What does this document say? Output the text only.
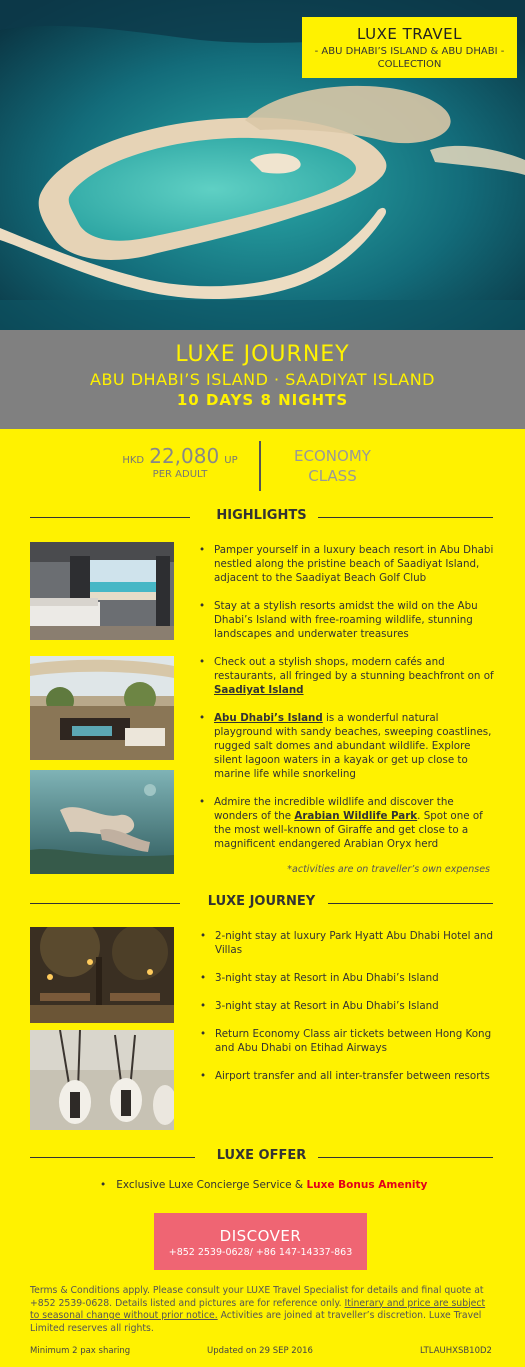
LUXE TRAVEL
- ABU DHABI’S ISLAND & ABU DHABI - COLLECTION
LUXE JOURNEY
ABU DHABI’S ISLAND · SAADIYAT ISLAND
10 DAYS 8 NIGHTS
HKD 22,080 UP
PER ADULT
ECONOMY
CLASS
HIGHLIGHTS
• Pamper yourself in a luxury beach resort in Abu Dhabi nestled along the pristine beach of Saadiyat Island, adjacent to the Saadiyat Beach Golf Club
• Stay at a stylish resorts amidst the wild on the Abu Dhabi’s Island with free-roaming wildlife, stunning landscapes and underwater treasures
• Check out a stylish shops, modern cafés and restaurants, all fringed by a stunning beachfront on of Saadiyat Island
• Abu Dhabi’s Island is a wonderful natural playground with sandy beaches, sweeping coastlines, rugged salt domes and abundant wildlife. Explore silent lagoon waters in a kayak or get up close to marine life while snorkeling
• Admire the incredible wildlife and discover the wonders of the Arabian Wildlife Park. Spot one of the most well-known of Giraffe and get close to a magnificent endangered Arabian Oryx herd
*activities are on traveller’s own expenses
LUXE JOURNEY
• 2-night stay at luxury Park Hyatt Abu Dhabi Hotel and Villas
• 3-night stay at Resort in Abu Dhabi’s Island
• 3-night stay at Resort in Abu Dhabi’s Island
• Return Economy Class air tickets between Hong Kong and Abu Dhabi on Etihad Airways
• Airport transfer and all inter-transfer between resorts
LUXE OFFER
•   Exclusive Luxe Concierge Service & Luxe Bonus Amenity
DISCOVER
+852 2539-0628/ +86 147-14337-863
Terms & Conditions apply. Please consult your LUXE Travel Specialist for details and final quote at +852 2539-0628. Details listed and pictures are for reference only. Itinerary and price are subject to seasonal change without prior notice. Activities are joined at traveller’s discretion. Luxe Travel Limited reserves all rights.
Minimum 2 pax sharing	Updated on 29 SEP 2016	LTLAUHXSB10D2
